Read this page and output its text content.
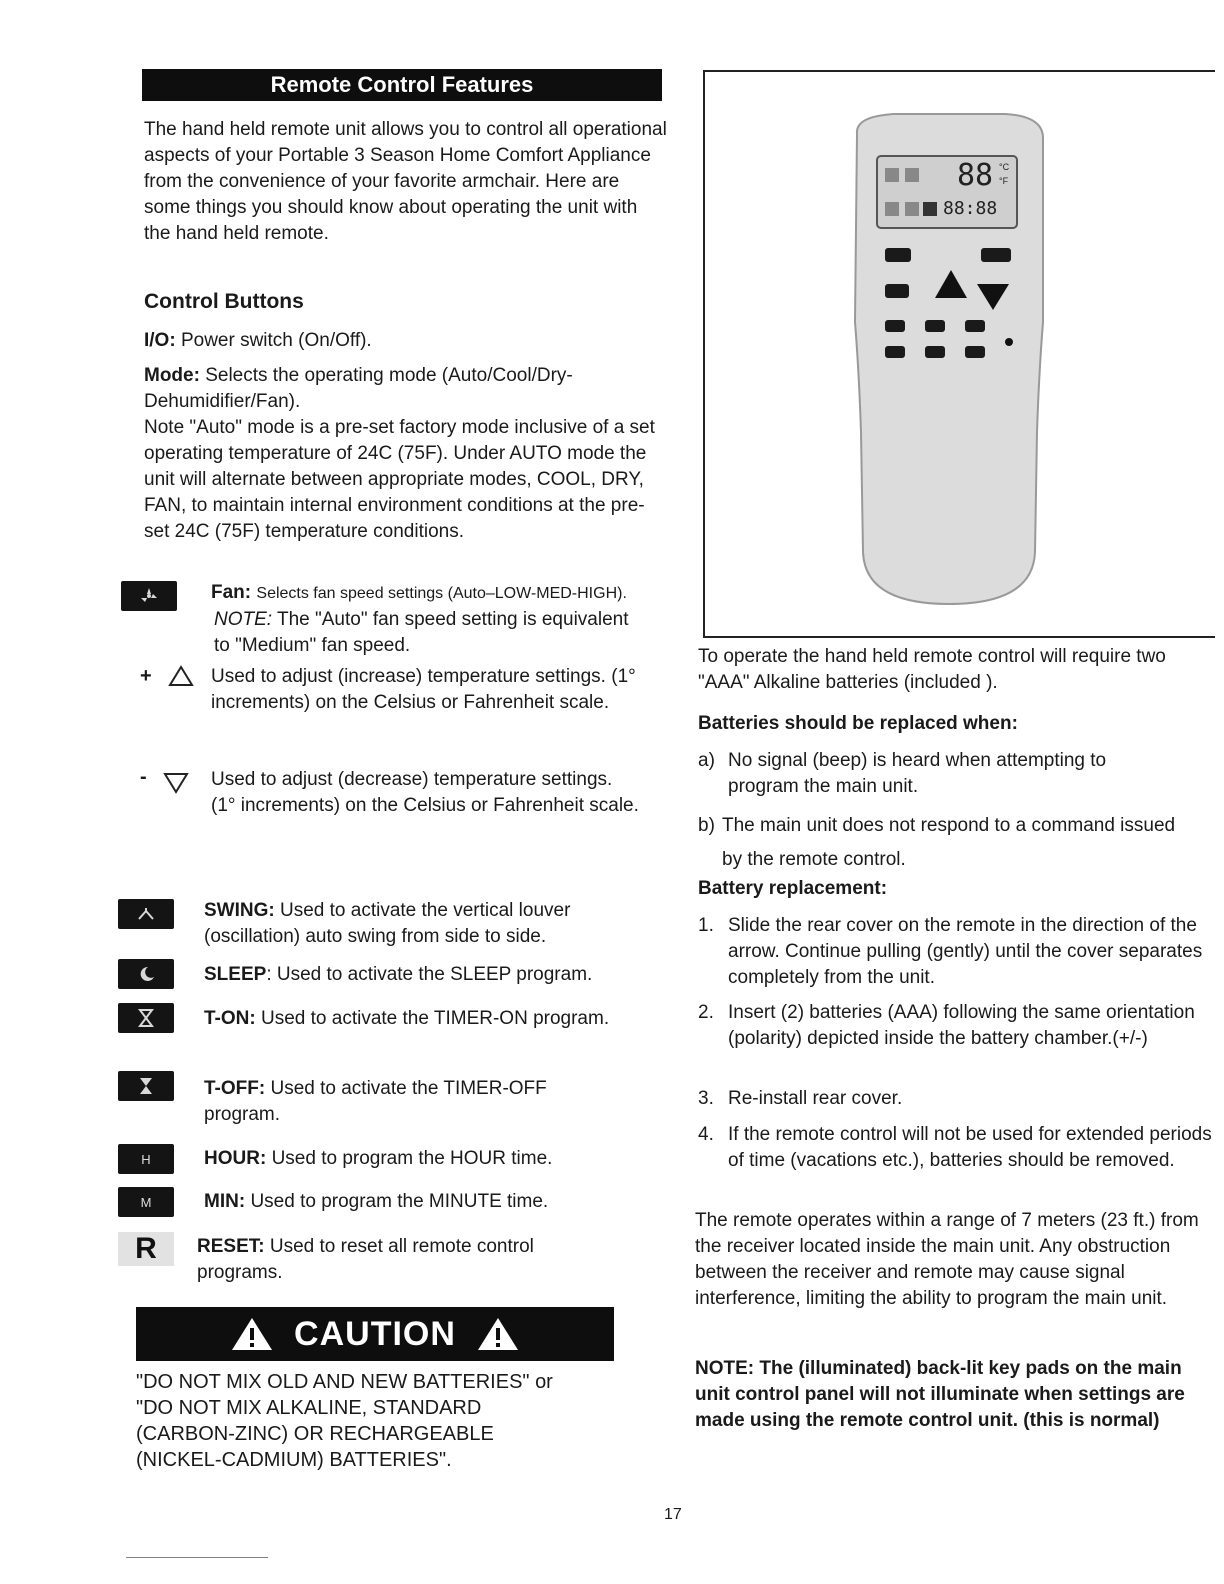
Remote Control Features

The hand held remote unit allows you to control all operational aspects of your Portable 3 Season Home Comfort Appliance from the convenience of your favorite armchair. Here are some things you should know about operating the unit with the hand held remote.

Control Buttons

I/O: Power switch (On/Off).

Mode: Selects the operating mode (Auto/Cool/Dry-Dehumidifier/Fan).

Note "Auto" mode is a pre-set factory mode inclusive of a set operating temperature of 24C (75F). Under AUTO mode the unit will alternate between appropriate modes, COOL, DRY, FAN, to maintain internal environment conditions at the pre-set 24C (75F) temperature conditions.

Fan: Selects fan speed settings (Auto–LOW-MED-HIGH).

NOTE: The "Auto" fan speed setting is equivalent to "Medium" fan speed.

+	Used to adjust (increase) temperature settings. (1° increments) on the Celsius or Fahrenheit scale.

-	Used to adjust (decrease) temperature settings. (1° increments) on the Celsius or Fahrenheit scale.

SWING: Used to activate the vertical louver (oscillation) auto swing from side to side.

SLEEP: Used to activate the SLEEP program.

T-ON: Used to activate the TIMER-ON program.

T-OFF: Used to activate the TIMER-OFF program.

H	HOUR: Used to program the HOUR time.

M	MIN: Used to program the MINUTE time.

R	RESET: Used to reset all remote control programs.

CAUTION

"DO NOT MIX OLD AND NEW BATTERIES" or

"DO NOT MIX ALKALINE, STANDARD (CARBON-ZINC) OR RECHARGEABLE (NICKEL-CADMIUM) BATTERIES".

88 °C
°F
88:88

To operate the hand held remote control will require two "AAA" Alkaline batteries (included ).

Batteries should be replaced when:
a) No signal (beep) is heard when attempting to program the main unit.
b) The main unit does not respond to a command issued by the remote control.
Battery replacement:
1. Slide the rear cover on the remote in the direction of the arrow. Continue pulling (gently) until the cover separates completely from the unit.
2. Insert (2) batteries (AAA) following the same orientation (polarity) depicted inside the battery chamber.(+/-)
3. Re-install rear cover.
4. If the remote control will not be used for extended periods of time (vacations etc.), batteries should be removed.

The remote operates within a range of 7 meters (23 ft.) from the receiver located inside the main unit. Any obstruction between the receiver and remote may cause signal interference, limiting the ability to program the main unit.

NOTE: The (illuminated) back-lit key pads on the main unit control panel will not illuminate when settings are made using the remote control unit. (this is normal)

17
